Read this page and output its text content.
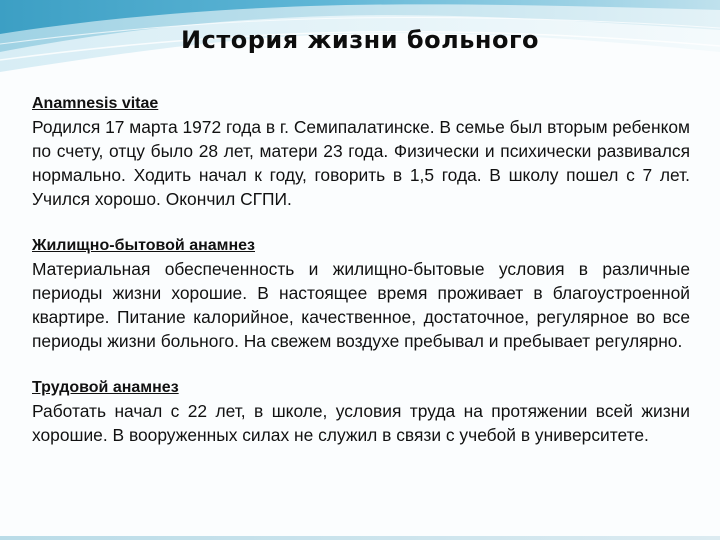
История жизни больного

Anamnesis vitae

Родился 17 марта 1972 года в г. Семипалатинске. В семье был вторым ребенком по счету, отцу было 28 лет, матери 23 года. Физически и психически развивался нормально. Ходить начал к году, говорить в 1,5 года. В школу пошел с 7 лет. Учился хорошо. Окончил СГПИ.

Жилищно-бытовой анамнез

Материальная обеспеченность и жилищно-бытовые условия в различные периоды жизни хорошие. В настоящее время проживает в благоустроенной квартире. Питание калорийное, качественное, достаточное, регулярное во все периоды жизни больного. На свежем воздухе пребывал и пребывает регулярно.

Трудовой анамнез

Работать начал с 22 лет, в школе, условия труда на протяжении всей жизни хорошие. В вооруженных силах не служил в связи с учебой в университете.
